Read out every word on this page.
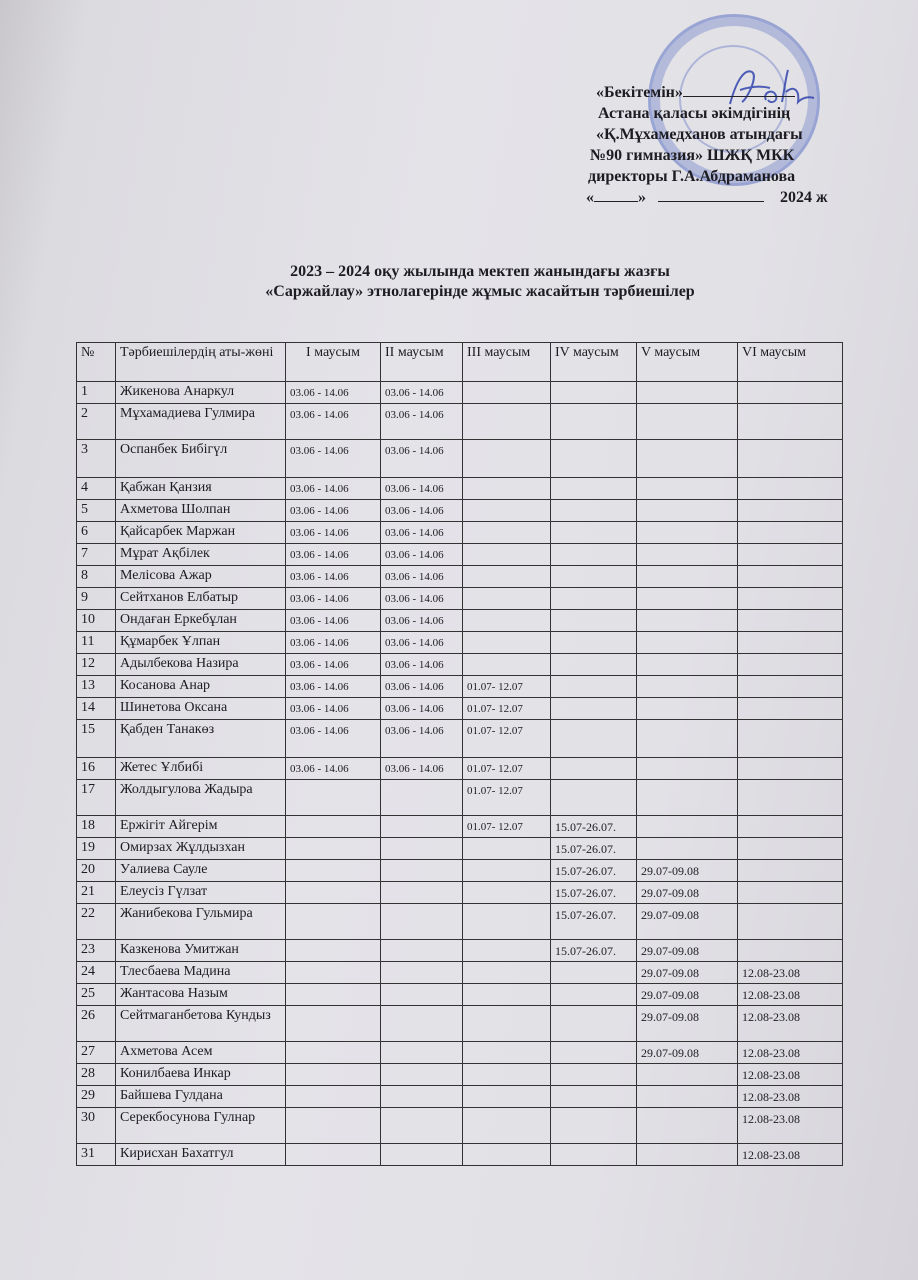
«Бекітемін»
Астана қаласы әкімдігінің
«Қ.Мұхамедханов атындағы
№90 гимназия» ШЖҚ МКК
директоры Г.А.Абдраманова
«	»	2024 ж
2023 – 2024 оқу жылында мектеп жанындағы жазғы
«Саржайлау» этнолагерінде жұмыс жасайтын тәрбиешілер
№	Тәрбиешілердің аты-жөні	I маусым	II маусым	III маусым	IV маусым	V маусым	VI маусым
1	Жикенова Анаркул	03.06 - 14.06	03.06 - 14.06				
2	Мұхамадиева Гулмира	03.06 - 14.06	03.06 - 14.06				
3	Оспанбек Бибігүл	03.06 - 14.06	03.06 - 14.06				
4	Қабжан Қанзия	03.06 - 14.06	03.06 - 14.06				
5	Ахметова Шолпан	03.06 - 14.06	03.06 - 14.06				
6	Қайсарбек Маржан	03.06 - 14.06	03.06 - 14.06				
7	Мұрат Ақбілек	03.06 - 14.06	03.06 - 14.06				
8	Мелісова Ажар	03.06 - 14.06	03.06 - 14.06				
9	Сейтханов Елбатыр	03.06 - 14.06	03.06 - 14.06				
10	Ондаған Еркебұлан	03.06 - 14.06	03.06 - 14.06				
11	Құмарбек Ұлпан	03.06 - 14.06	03.06 - 14.06				
12	Адылбекова Назира	03.06 - 14.06	03.06 - 14.06				
13	Косанова Анар	03.06 - 14.06	03.06 - 14.06	01.07- 12.07			
14	Шинетова Оксана	03.06 - 14.06	03.06 - 14.06	01.07- 12.07			
15	Қабден Танакөз	03.06 - 14.06	03.06 - 14.06	01.07- 12.07			
16	Жетес Ұлбибі	03.06 - 14.06	03.06 - 14.06	01.07- 12.07			
17	Жолдыгулова Жадыра			01.07- 12.07			
18	Ержігіт Айгерім			01.07- 12.07	15.07-26.07.		
19	Омирзах Жұлдызхан				15.07-26.07.		
20	Уалиева Сауле				15.07-26.07.	29.07-09.08	
21	Елеусіз Гүлзат				15.07-26.07.	29.07-09.08	
22	Жанибекова Гульмира				15.07-26.07.	29.07-09.08	
23	Казкенова Умитжан				15.07-26.07.	29.07-09.08	
24	Тлесбаева Мадина					29.07-09.08	12.08-23.08
25	Жантасова Назым					29.07-09.08	12.08-23.08
26	Сейтмаганбетова Кундыз					29.07-09.08	12.08-23.08
27	Ахметова Асем					29.07-09.08	12.08-23.08
28	Конилбаева Инкар						12.08-23.08
29	Байшева Гулдана						12.08-23.08
30	Серекбосунова Гулнар						12.08-23.08
31	Кирисхан Бахатгул						12.08-23.08
